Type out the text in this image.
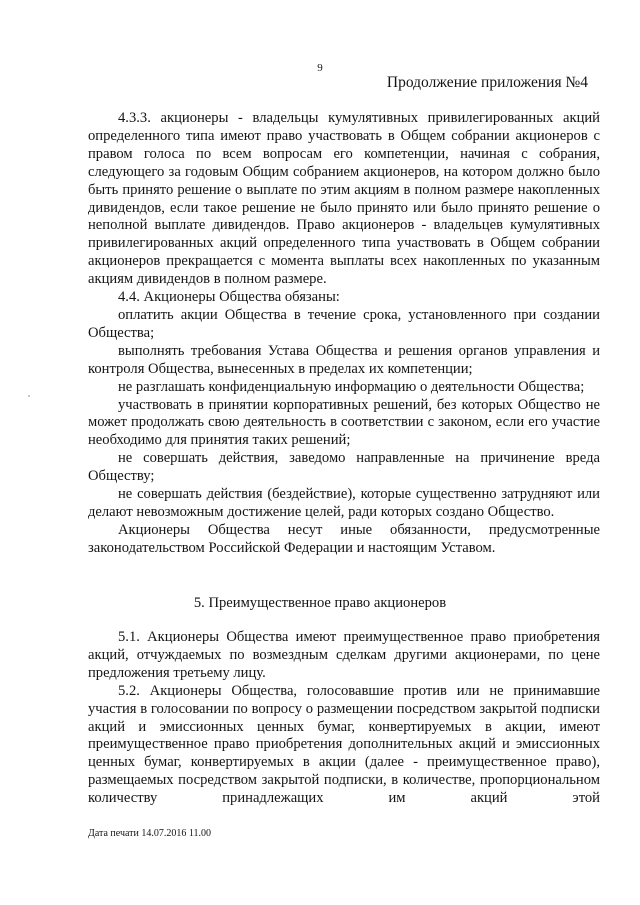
9
Продолжение приложения №4

4.3.3. акционеры - владельцы кумулятивных привилегированных акций определенного типа имеют право участвовать в Общем собрании акционеров с правом голоса по всем вопросам его компетенции, начиная с собрания, следующего за годовым Общим собранием акционеров, на котором должно было быть принято решение о выплате по этим акциям в полном размере накопленных дивидендов, если такое решение не было принято или было принято решение о неполной выплате дивидендов. Право акционеров - владельцев кумулятивных привилегированных акций определенного типа участвовать в Общем собрании акционеров прекращается с момента выплаты всех накопленных по указанным акциям дивидендов в полном размере.

4.4. Акционеры Общества обязаны:

оплатить акции Общества в течение срока, установленного при создании Общества;

выполнять требования Устава Общества и решения органов управления и контроля Общества, вынесенных в пределах их компетенции;

не разглашать конфиденциальную информацию о деятельности Общества;

участвовать в принятии корпоративных решений, без которых Общество не может продолжать свою деятельность в соответствии с законом, если его участие необходимо для принятия таких решений;

не совершать действия, заведомо направленные на причинение вреда Обществу;

не совершать действия (бездействие), которые существенно затрудняют или делают невозможным достижение целей, ради которых создано Общество.

Акционеры Общества несут иные обязанности, предусмотренные законодательством Российской Федерации и настоящим Уставом.

5. Преимущественное право акционеров

5.1. Акционеры Общества имеют преимущественное право приобретения акций, отчуждаемых по возмездным сделкам другими акционерами, по цене предложения третьему лицу.

5.2. Акционеры Общества, голосовавшие против или не принимавшие участия в голосовании по вопросу о размещении посредством закрытой подписки акций и эмиссионных ценных бумаг, конвертируемых в акции, имеют преимущественное право приобретения дополнительных акций и эмиссионных ценных бумаг, конвертируемых в акции (далее - преимущественное право), размещаемых посредством закрытой подписки, в количестве, пропорциональном количеству принадлежащих им акций этой

Дата печати 14.07.2016 11.00
